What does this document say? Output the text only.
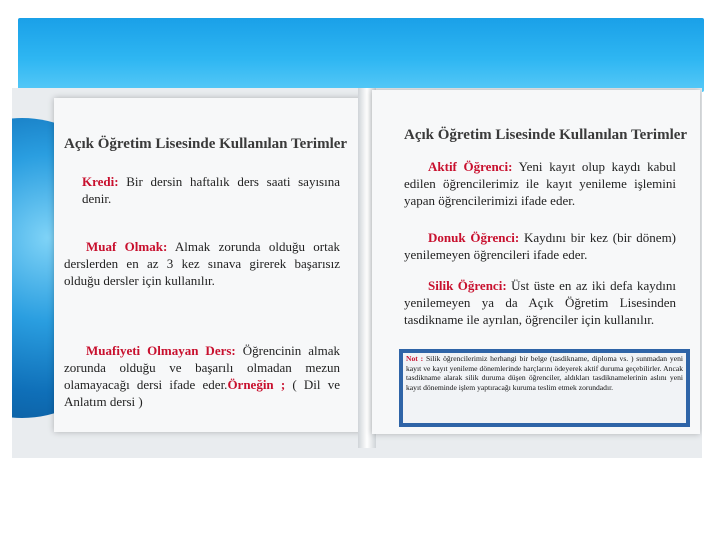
Açık Öğretim Lisesinde Kullanılan Terimler
Kredi: Bir dersin haftalık ders saati sayısına denir.
Muaf Olmak: Almak zorunda olduğu ortak derslerden en az 3 kez sınava girerek başarısız olduğu dersler için kullanılır.
Muafiyeti Olmayan Ders: Öğrencinin almak zorunda olduğu ve başarılı olmadan mezun olamayacağı dersi ifade eder.Örneğin ; ( Dil ve Anlatım dersi )
Açık Öğretim Lisesinde Kullanılan Terimler
Aktif Öğrenci: Yeni kayıt olup kaydı kabul edilen öğrencilerimiz ile kayıt yenileme işlemini yapan öğrencilerimizi ifade eder.
Donuk Öğrenci: Kaydını bir kez (bir dönem) yenilemeyen öğrencileri ifade eder.
Silik Öğrenci: Üst üste en az iki defa kaydını yenilemeyen ya da Açık Öğretim Lisesinden tasdikname ile ayrılan, öğrenciler için kullanılır.
Not : Silik öğrencilerimiz herhangi bir belge (tasdikname, diploma vs. ) sunmadan yeni kayıt ve kayıt yenileme dönemlerinde harçlarını ödeyerek aktif duruma geçebilirler. Ancak tasdikname alarak silik duruma düşen öğrenciler, aldıkları tasdiknamelerinin aslını yeni kayıt döneminde işlem yaptıracağı kuruma teslim etmek zorundadır.
